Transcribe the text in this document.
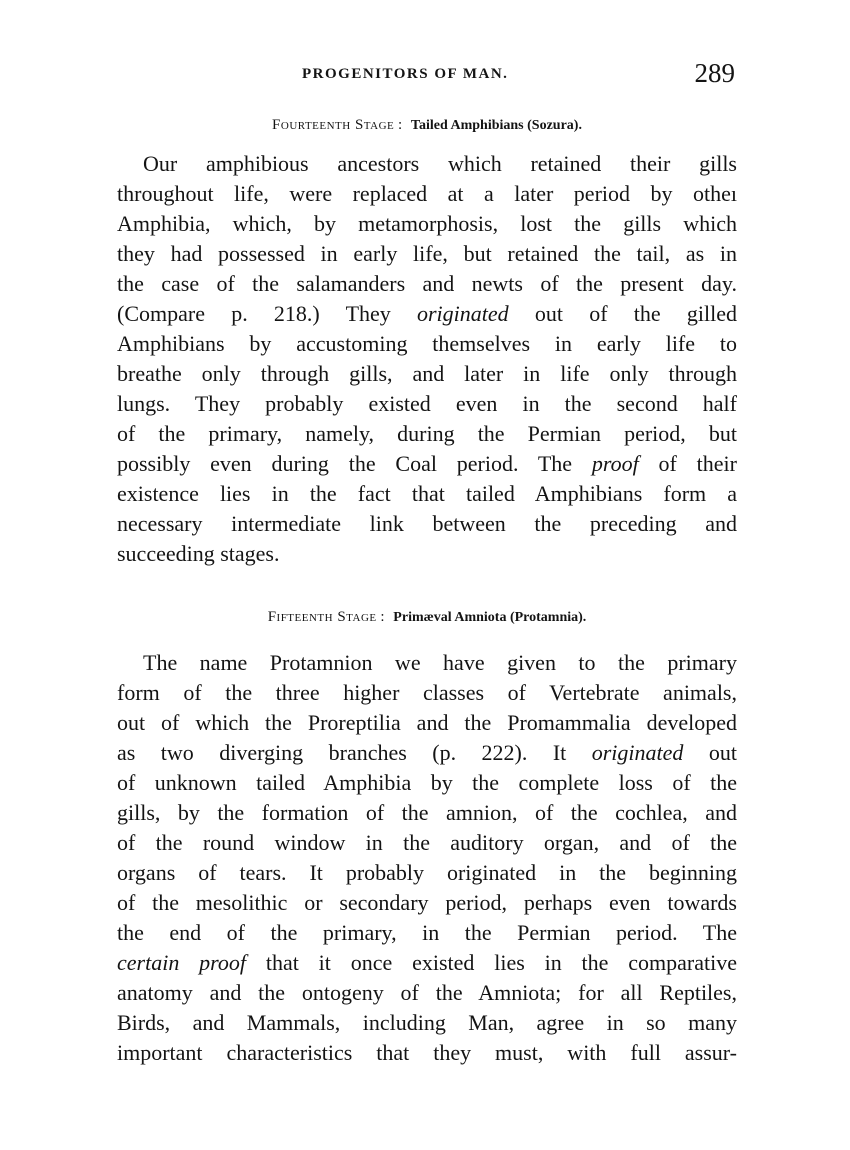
PROGENITORS OF MAN.	289
Fourteenth Stage : Tailed Amphibians (Sozura).
Our amphibious ancestors which retained their gills
throughout life, were replaced at a later period by otheı
Amphibia, which, by metamorphosis, lost the gills which
they had possessed in early life, but retained the tail, as in
the case of the salamanders and newts of the present day.
(Compare p. 218.) They originated out of the gilled
Amphibians by accustoming themselves in early life to
breathe only through gills, and later in life only through
lungs. They probably existed even in the second half
of the primary, namely, during the Permian period, but
possibly even during the Coal period. The proof of their
existence lies in the fact that tailed Amphibians form a
necessary intermediate link between the preceding and
succeeding stages.
Fifteenth Stage : Primæval Amniota (Protamnia).
The name Protamnion we have given to the primary
form of the three higher classes of Vertebrate animals,
out of which the Proreptilia and the Promammalia developed
as two diverging branches (p. 222). It originated out
of unknown tailed Amphibia by the complete loss of the
gills, by the formation of the amnion, of the cochlea, and
of the round window in the auditory organ, and of the
organs of tears. It probably originated in the beginning
of the mesolithic or secondary period, perhaps even towards
the end of the primary, in the Permian period. The
certain proof that it once existed lies in the comparative
anatomy and the ontogeny of the Amniota; for all Reptiles,
Birds, and Mammals, including Man, agree in so many
important characteristics that they must, with full assur-
